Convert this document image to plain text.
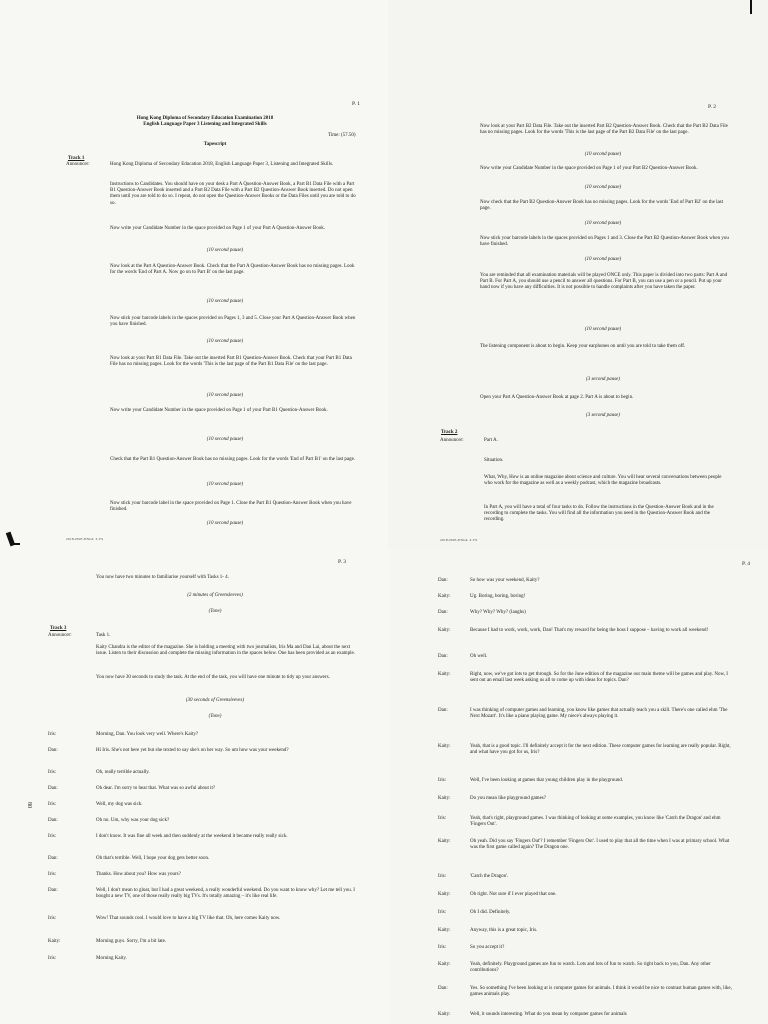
P. 1
Hong Kong Diploma of Secondary Education Examination 2018
English Language Paper 3 Listening and Integrated Skills
Time: (57.50)
Tapescript
Track 1
Announcer:	Hong Kong Diploma of Secondary Education 2018, English Language Paper 3, Listening and Integrated Skills.
Instructions to Candidates. You should have on your desk a Part A Question-Answer Book, a Part B1 Data File with a Part B1 Question-Answer Book inserted and a Part B2 Data File with a Part B2 Question-Answer Book inserted. Do not open them until you are told to do so. I repeat, do not open the Question-Answer Books or the Data Files until you are told to do so.
Now write your Candidate Number in the space provided on Page 1 of your Part A Question-Answer Book.
(10 second pause)
Now look at the Part A Question-Answer Book. Check that the Part A Question-Answer Book has no missing pages. Look for the words 'End of Part A. Now go on to Part B' on the last page.
(10 second pause)
Now stick your barcode labels in the spaces provided on Pages 1, 3 and 5. Close your Part A Question-Answer Book when you have finished.
(10 second pause)
Now look at your Part B1 Data File. Take out the inserted Part B1 Question-Answer Book. Check that your Part B1 Data File has no missing pages. Look for the words 'This is the last page of the Part B1 Data File' on the last page.
(10 second pause)
Now write your Candidate Number in the space provided on Page 1 of your Part B1 Question-Answer Book.
(10 second pause)
Check that the Part B1 Question-Answer Book has no missing pages. Look for the words 'End of Part B1' on the last page.
(10 second pause)
Now stick your barcode label in the space provided on Page 1. Close the Part B1 Question-Answer Book when you have finished.
(10 second pause)
2018-DSE-ENGL 3-TS
P. 2
Now look at your Part B2 Data File. Take out the inserted Part B2 Question-Answer Book. Check that the Part B2 Data File has no missing pages. Look for the words 'This is the last page of the Part B2 Data File' on the last page.
(10 second pause)
Now write your Candidate Number in the space provided on Page 1 of your Part B2 Question-Answer Book.
(10 second pause)
Now check that the Part B2 Question-Answer Book has no missing pages. Look for the words 'End of Part B2' on the last page.
(10 second pause)
Now stick your barcode labels in the spaces provided on Pages 1 and 3. Close the Part B2 Question-Answer Book when you have finished.
(10 second pause)
You are reminded that all examination materials will be played ONCE only. This paper is divided into two parts: Part A and Part B. For Part A, you should use a pencil to answer all questions. For Part B, you can use a pen or a pencil. Put up your hand now if you have any difficulties. It is not possible to handle complaints after you have taken the paper.
(10 second pause)
The listening component is about to begin. Keep your earphones on until you are told to take them off.
(3 second pause)
Open your Part A Question-Answer Book at page 2. Part A is about to begin.
(3 second pause)
Track 2
Announcer:	Part A.
Situation.
What, Why, How is an online magazine about science and culture. You will hear several conversations between people who work for the magazine as well as a weekly podcast, which the magazine broadcasts.
In Part A, you will have a total of four tasks to do. Follow the instructions in the Question-Answer Book and in the recording to complete the tasks. You will find all the information you need in the Question-Answer Book and the recording.
2018-DSE-ENGL 3-TS
P. 3
You now have two minutes to familiarise yourself with Tasks 1- 4.
(2 minutes of Greensleeves)
(Tone)
Track 3
Announcer:	Task 1.
Kaity Chandra is the editor of the magazine. She is holding a meeting with two journalists, Iris Ma and Dan Lai, about the next issue. Listen to their discussion and complete the missing information in the spaces below. One has been provided as an example.
You now have 30 seconds to study the task. At the end of the task, you will have one minute to tidy up your answers.
(30 seconds of Greensleeves)
(Tone)
80
Iris:	Morning, Dan. You look very well. Where's Kaity?
Dan:	Hi Iris. She's not here yet but she texted to say she's on her way. So um how was your weekend?
Iris:	Oh, really terrible actually.
Dan:	Oh dear. I'm sorry to hear that. What was so awful about it?
Iris:	Well, my dog was sick.
Dan:	Oh no. Um, why was your dog sick?
Iris:	I don't know. It was fine all week and then suddenly at the weekend it became really really sick.
Dan:	Oh that's terrible. Well, I hope your dog gets better soon.
Iris:	Thanks. How about you? How was yours?
Dan:	Well, I don't mean to gloat, but I had a great weekend, a really wonderful weekend. Do you want to know why? Let me tell you. I bought a new TV, one of those really really big TVs. It's totally amazing – it's like real life.
Iris:	Wow! That sounds cool. I would love to have a big TV like that. Oh, here comes Kaity now.
Kaity:	Morning guys. Sorry, I'm a bit late.
Iris:	Morning Kaity.
P. 4
Dan:	So how was your weekend, Kaity?
Kaity:	Ug. Boring, boring, boring!
Dan:	Why? Why? Why? (laughs)
Kaity:	Because I had to work, work, work, Dan! That's my reward for being the boss I suppose – having to work all weekend!
Dan:	Oh well.
Kaity:	Right, now, we've got lots to get through. So for the June edition of the magazine our main theme will be games and play. Now, I sent out an email last week asking us all to come up with ideas for topics. Dan?
Dan:	I was thinking of computer games and learning, you know like games that actually teach you a skill. There's one called ehm 'The Next Mozart'. It's like a piano playing game. My niece's always playing it.
Kaity:	Yeah, that is a good topic. I'll definitely accept it for the next edition. These computer games for learning are really popular. Right, and what have you got for us, Iris?
Iris:	Well, I've been looking at games that young children play in the playground.
Kaity:	Do you mean like playground games?
Iris:	Yeah, that's right, playground games. I was thinking of looking at some examples, you know like 'Catch the Dragon' and ehm 'Fingers Out'.
Kaity:	Oh yeah. Did you say 'Fingers Out'? I remember 'Fingers Out'. I used to play that all the time when I was at primary school. What was the first game called again? The Dragon one.
Iris:	'Catch the Dragon'.
Kaity:	Oh right. Not sure if I ever played that one.
Iris:	Oh I did. Definitely.
Kaity:	Anyway, this is a great topic, Iris.
Iris:	So you accept it?
Kaity:	Yeah, definitely. Playground games are fun to watch. Lots and lots of fun to watch. So right back to you, Dan. Any other contributions?
Dan:	Yes. So something I've been looking at is computer games for animals. I think it would be nice to contrast human games with, like, games animals play.
Kaity:	Well, it sounds interesting. What do you mean by computer games for animals
